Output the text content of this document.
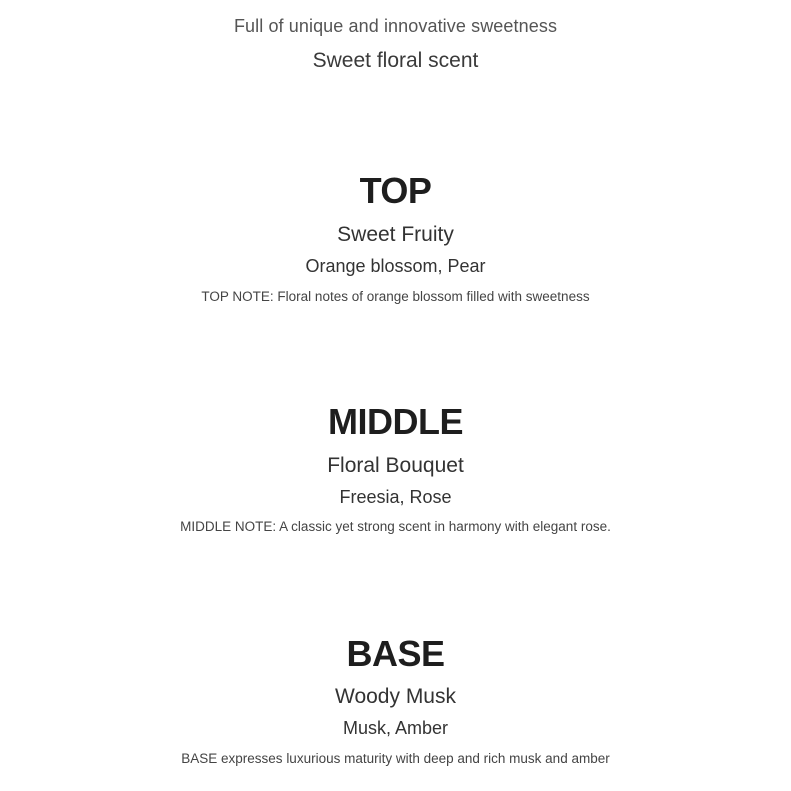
Full of unique and innovative sweetness

Sweet floral scent

TOP

Sweet Fruity

Orange blossom, Pear

TOP NOTE: Floral notes of orange blossom filled with sweetness

MIDDLE

Floral Bouquet

Freesia, Rose

MIDDLE NOTE: A classic yet strong scent in harmony with elegant rose.

BASE

Woody Musk

Musk, Amber

BASE expresses luxurious maturity with deep and rich musk and amber
